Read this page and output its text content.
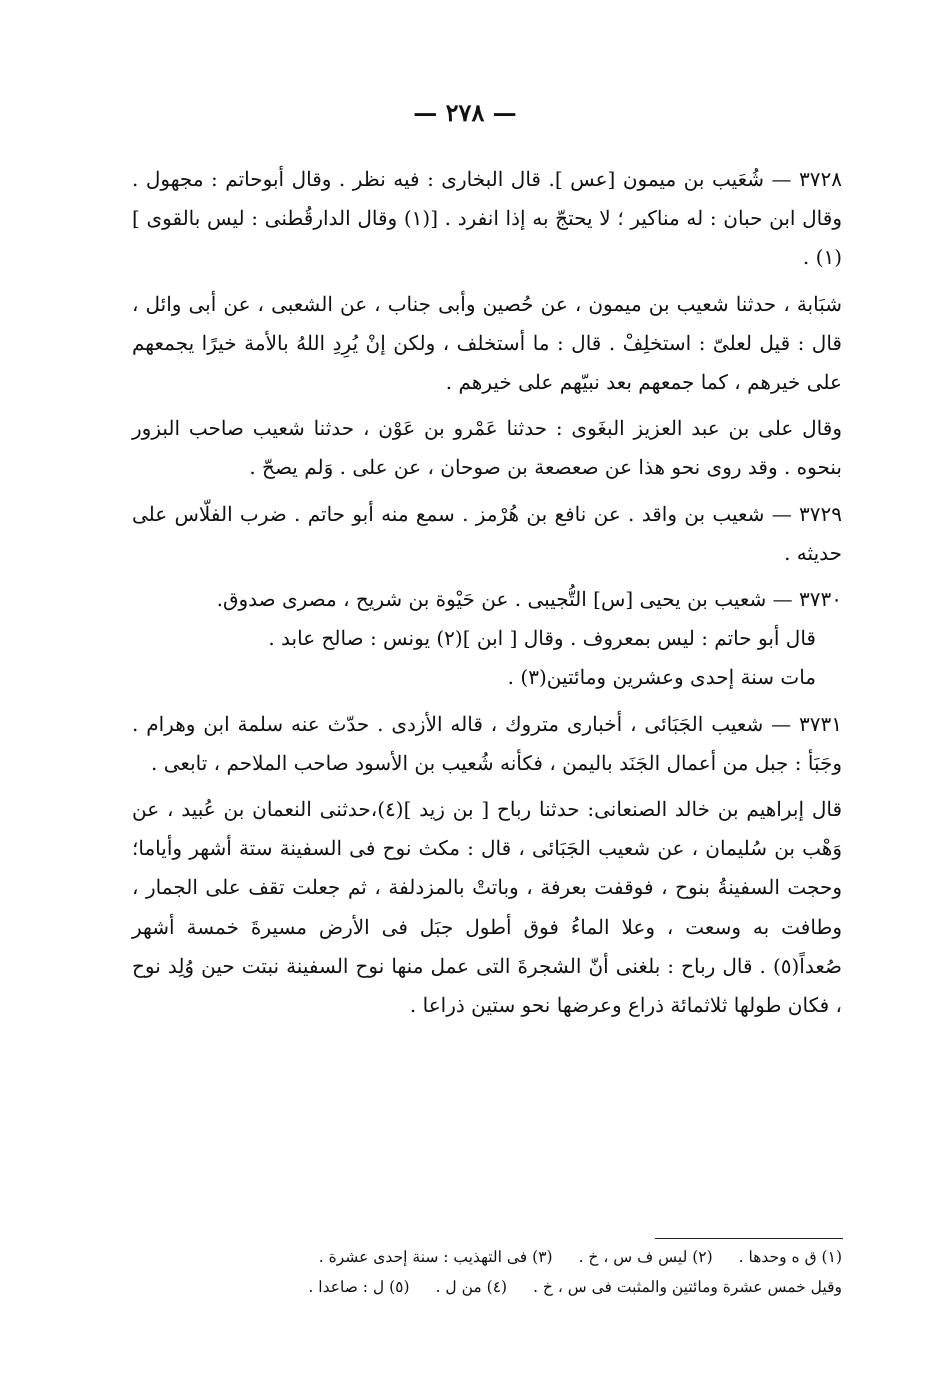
— ٢٧٨ —

٣٧٢٨ — شُعَيب بن ميمون [عس ]. قال البخارى : فيه نظر . وقال أبوحاتم : مجهول . وقال ابن حبان : له مناكير ؛ لا يحتجّ به إذا انفرد . [(١) وقال الدارقُطنى : ليس بالقوى ](١) .

شبَابة ، حدثنا شعيب بن ميمون ، عن حُصين وأبى جناب ، عن الشعبى ، عن أبى وائل ، قال : قيل لعلىّ : استخلِفْ . قال : ما أستخلف ، ولكن إنْ يُرِدِ اللهُ بالأمة خيرًا يجمعهم على خيرهم ، كما جمعهم بعد نبيّهم على خيرهم .

وقال على بن عبد العزيز البغَوى : حدثنا عَمْرو بن عَوْن ، حدثنا شعيب صاحب البزور بنحوه . وقد روى نحو هذا عن صعصعة بن صوحان ، عن على . وَلم يصحّ .

٣٧٢٩ — شعيب بن واقد . عن نافع بن هُرْمز . سمع منه أبو حاتم . ضرب الفلّاس على حديثه .

٣٧٣٠ — شعيب بن يحيى [س] التُّجيبى . عن حَيْوة بن شريح ، مصرى صدوق.

قال أبو حاتم : ليس بمعروف . وقال [ ابن ](٢) يونس : صالح عابد .

مات سنة إحدى وعشرين ومائتين(٣) .

٣٧٣١ — شعيب الجَبَائى ، أخبارى متروك ، قاله الأزدى . حدّث عنه سلمة ابن وهرام . وجَبَأ : جبل من أعمال الجَنَد باليمن ، فكأنه شُعيب بن الأسود صاحب الملاحم ، تابعى .

قال إبراهيم بن خالد الصنعانى: حدثنا رباح [ بن زيد ](٤)،حدثنى النعمان بن عُبيد ، عن وَهْب بن سُليمان ، عن شعيب الجَبَائى ، قال : مكث نوح فى السفينة ستة أشهر وأياما؛ وحجت السفينةُ بنوح ، فوقفت بعرفة ، وباتتْ بالمزدلفة ، ثم جعلت تقف على الجمار ، وطافت به وسعت ، وعلا الماءُ فوق أطول جبَل فى الأرض مسيرةَ خمسة أشهر صُعداً(٥) . قال رباح : بلغنى أنّ الشجرةَ التى عمل منها نوح السفينة نبتت حين وُلِد نوح ، فكان طولها ثلاثمائة ذراع وعرضها نحو ستين ذراعا .

(١) ق ه وحدها .
(٢) ليس ف س ، خ .
(٣) فى التهذيب : سنة إحدى عشرة .
وقيل خمس عشرة ومائتين والمثبت فى س ، خ .
(٤) من ل .
(٥) ل : صاعدا .
